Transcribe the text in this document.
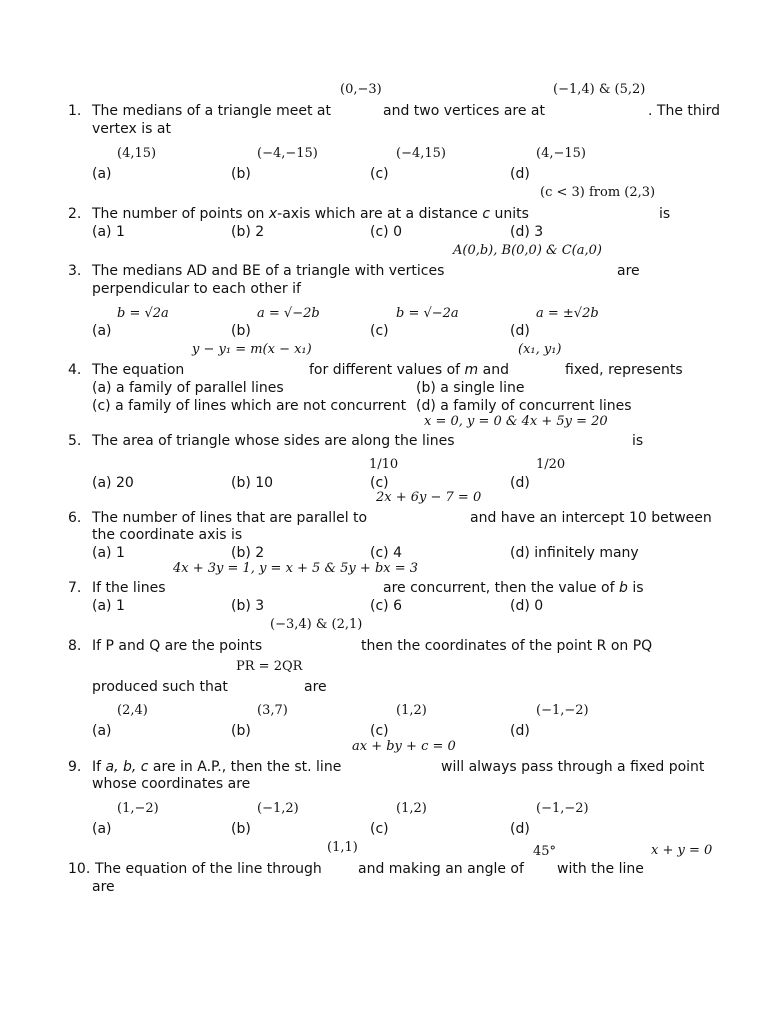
(0,−3)	(−1,4) & (5,2)
1. The medians of a triangle meet at	and two vertices are at	. The third
vertex is at
(4,15)	(−4,−15)	(−4,15)	(4,−15)
(a)	(b)	(c)	(d)
(c < 3) from (2,3)
2. The number of points on x-axis which are at a distance c units	is
(a) 1	(b) 2	(c) 0	(d) 3
A(0,b), B(0,0) & C(a,0)
3. The medians AD and BE of a triangle with vertices	are
perpendicular to each other if
b = √2a	a = √−2b	b = √−2a	a = ±√2b
(a)	(b)	(c)	(d)
y − y₁ = m(x − x₁)	(x₁, y₁)
4. The equation	for different values of m and	fixed, represents
(a) a family of parallel lines	(b) a single line
(c) a family of lines which are not concurrent (d) a family of concurrent lines
x = 0, y = 0 & 4x + 5y = 20
5. The area of triangle whose sides are along the lines	is
1/10	1/20
(a) 20	(b) 10	(c)	(d)
2x + 6y − 7 = 0
6. The number of lines that are parallel to	and have an intercept 10 between
the coordinate axis is
(a) 1	(b) 2	(c) 4	(d) infinitely many
4x + 3y = 1, y = x + 5 & 5y + bx = 3
7. If the lines	are concurrent, then the value of b is
(a) 1	(b) 3	(c) 6	(d) 0
(−3,4) & (2,1)
8. If P and Q are the points	then the coordinates of the point R on PQ
PR = 2QR
produced such that	are
(2,4)	(3,7)	(1,2)	(−1,−2)
(a)	(b)	(c)	(d)
ax + by + c = 0
9. If a, b, c are in A.P., then the st. line	will always pass through a fixed point
whose coordinates are
(1,−2)	(−1,2)	(1,2)	(−1,−2)
(a)	(b)	(c)	(d)
(1,1)	45°	x + y = 0
10. The equation of the line through	and making an angle of with the line
are
